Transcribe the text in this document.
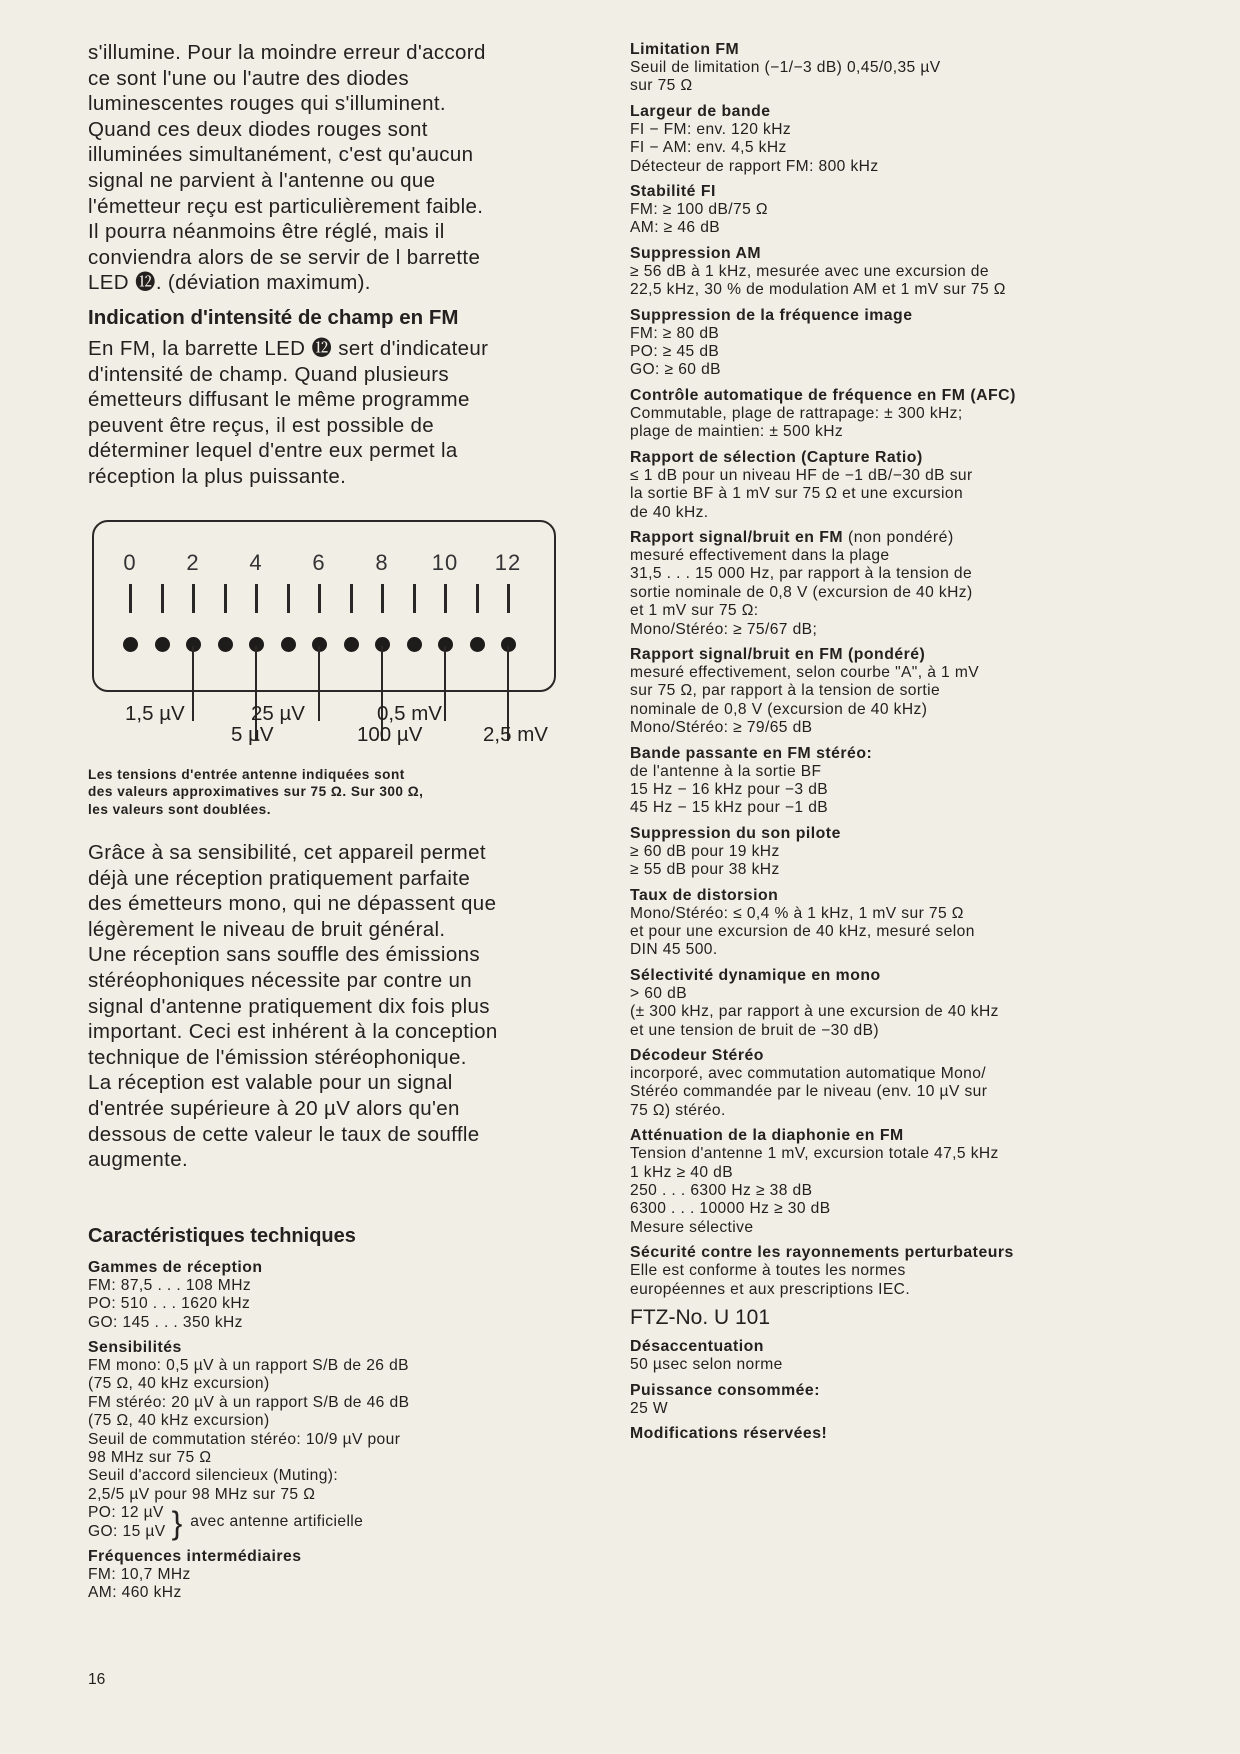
s'illumine. Pour la moindre erreur d'accord
ce sont l'une ou l'autre des diodes
luminescentes rouges qui s'illuminent.
Quand ces deux diodes rouges sont
illuminées simultanément, c'est qu'aucun
signal ne parvient à l'antenne ou que
l'émetteur reçu est particulièrement faible.
Il pourra néanmoins être réglé, mais il
conviendra alors de se servir de l barrette
LED ⓬. (déviation maximum).
Indication d'intensité de champ en FM
En FM, la barrette LED ⓬ sert d'indicateur
d'intensité de champ. Quand plusieurs
émetteurs diffusant le même programme
peuvent être reçus, il est possible de
déterminer lequel d'entre eux permet la
réception la plus puissante.
0 2 4 6 8 10 12
1,5 µV
5 µV
25 µV
100 µV
0,5 mV
2,5 mV
Les tensions d'entrée antenne indiquées sont
des valeurs approximatives sur 75 Ω. Sur 300 Ω,
les valeurs sont doublées.
Grâce à sa sensibilité, cet appareil permet
déjà une réception pratiquement parfaite
des émetteurs mono, qui ne dépassent que
légèrement le niveau de bruit général.
Une réception sans souffle des émissions
stéréophoniques nécessite par contre un
signal d'antenne pratiquement dix fois plus
important. Ceci est inhérent à la conception
technique de l'émission stéréophonique.
La réception est valable pour un signal
d'entrée supérieure à 20 µV alors qu'en
dessous de cette valeur le taux de souffle
augmente.
Caractéristiques techniques
Gammes de réception
FM: 87,5 . . . 108 MHz
PO: 510 . . . 1620 kHz
GO: 145 . . . 350 kHz
Sensibilités
FM mono: 0,5 µV à un rapport S/B de 26 dB
(75 Ω, 40 kHz excursion)
FM stéréo: 20 µV à un rapport S/B de 46 dB
(75 Ω, 40 kHz excursion)
Seuil de commutation stéréo: 10/9 µV pour
98 MHz sur 75 Ω
Seuil d'accord silencieux (Muting):
2,5/5 µV pour 98 MHz sur 75 Ω
PO: 12 µV
GO: 15 µV } avec antenne artificielle
Fréquences intermédiaires
FM: 10,7 MHz
AM: 460 kHz
16
Limitation FM
Seuil de limitation (−1/−3 dB) 0,45/0,35 µV
sur 75 Ω
Largeur de bande
FI − FM: env. 120 kHz
FI − AM: env. 4,5 kHz
Détecteur de rapport FM: 800 kHz
Stabilité FI
FM: ≥ 100 dB/75 Ω
AM: ≥ 46 dB
Suppression AM
≥ 56 dB à 1 kHz, mesurée avec une excursion de
22,5 kHz, 30 % de modulation AM et 1 mV sur 75 Ω
Suppression de la fréquence image
FM: ≥ 80 dB
PO: ≥ 45 dB
GO: ≥ 60 dB
Contrôle automatique de fréquence en FM (AFC)
Commutable, plage de rattrapage: ± 300 kHz;
plage de maintien: ± 500 kHz
Rapport de sélection (Capture Ratio)
≤ 1 dB pour un niveau HF de −1 dB/−30 dB sur
la sortie BF à 1 mV sur 75 Ω et une excursion
de 40 kHz.
Rapport signal/bruit en FM (non pondéré)
mesuré effectivement dans la plage
31,5 . . . 15 000 Hz, par rapport à la tension de
sortie nominale de 0,8 V (excursion de 40 kHz)
et 1 mV sur 75 Ω:
Mono/Stéréo: ≥ 75/67 dB;
Rapport signal/bruit en FM (pondéré)
mesuré effectivement, selon courbe "A", à 1 mV
sur 75 Ω, par rapport à la tension de sortie
nominale de 0,8 V (excursion de 40 kHz)
Mono/Stéréo: ≥ 79/65 dB
Bande passante en FM stéréo:
de l'antenne à la sortie BF
15 Hz − 16 kHz pour −3 dB
45 Hz − 15 kHz pour −1 dB
Suppression du son pilote
≥ 60 dB pour 19 kHz
≥ 55 dB pour 38 kHz
Taux de distorsion
Mono/Stéréo: ≤ 0,4 % à 1 kHz, 1 mV sur 75 Ω
et pour une excursion de 40 kHz, mesuré selon
DIN 45 500.
Sélectivité dynamique en mono
> 60 dB
(± 300 kHz, par rapport à une excursion de 40 kHz
et une tension de bruit de −30 dB)
Décodeur Stéréo
incorporé, avec commutation automatique Mono/
Stéréo commandée par le niveau (env. 10 µV sur
75 Ω) stéréo.
Atténuation de la diaphonie en FM
Tension d'antenne 1 mV, excursion totale 47,5 kHz
1 kHz ≥ 40 dB
250 . . . 6300 Hz ≥ 38 dB
6300 . . . 10000 Hz ≥ 30 dB
Mesure sélective
Sécurité contre les rayonnements perturbateurs
Elle est conforme à toutes les normes
européennes et aux prescriptions IEC.
FTZ-No. U 101
Désaccentuation
50 µsec selon norme
Puissance consommée:
25 W
Modifications réservées!
